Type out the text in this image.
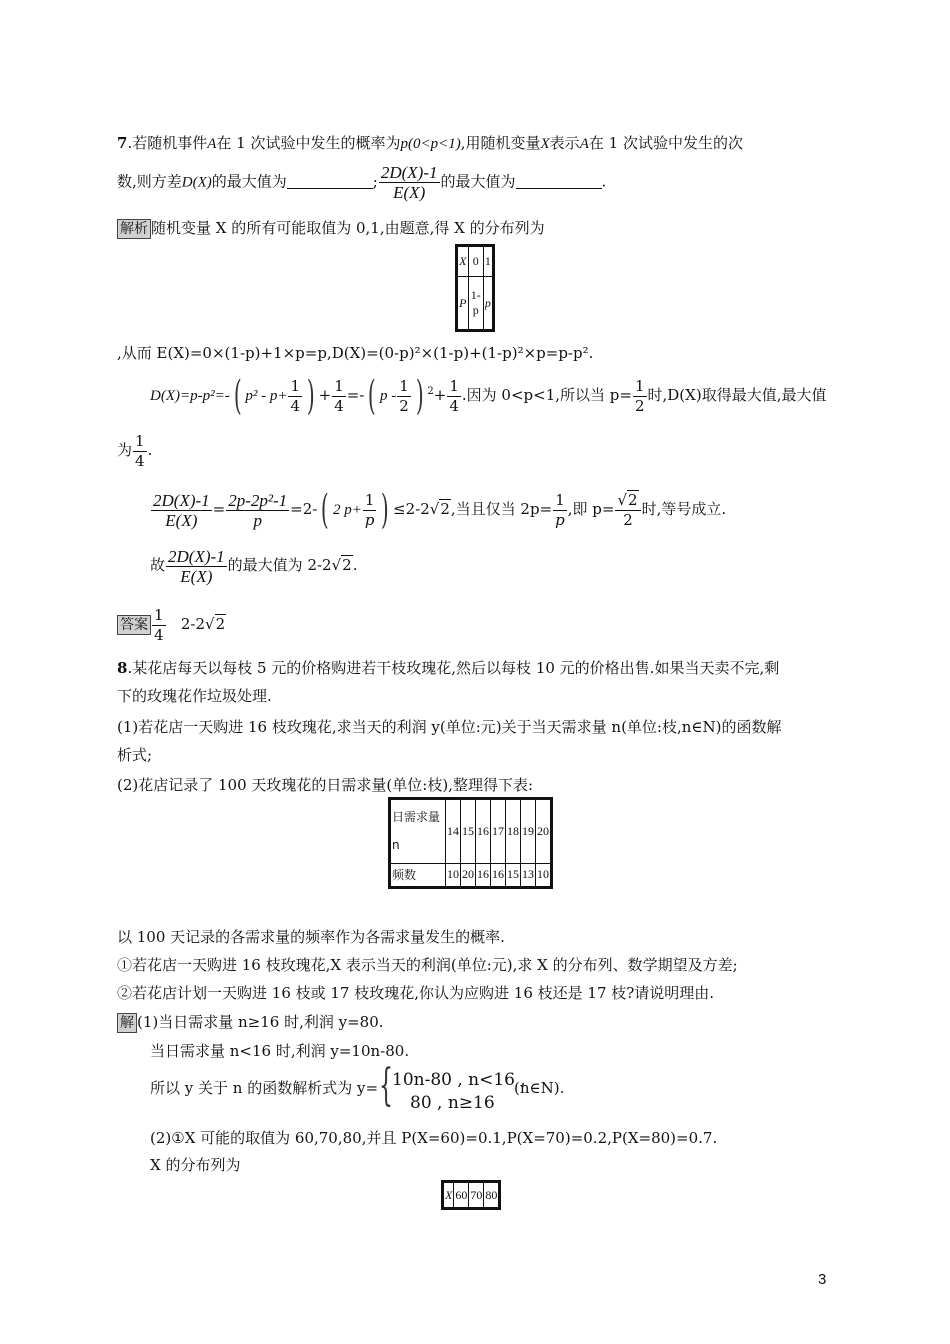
7.若随机事件A在 1 次试验中发生的概率为p(0<p<1),用随机变量X表示A在 1 次试验中发生的次
数,则方差D(X)的最大值为	; $\frac{2D(X)-1}{E(X)}$ 的最大值为	.
解析 随机变量 X 的所有可能取值为 0,1,由题意,得 X 的分布列为
X	0	1
P	1-p	p
,从而 E(X)=0×(1-p)+1×p=p,D(X)=(0-p)²×(1-p)+(1-p)²×p=p-p².
D(X)=p-p²=-( $p^2 - p+ \frac{1}{4}$ ) + $\frac{1}{4}$ =-( p - $\frac{1}{2}$ ) $^2+ \frac{1}{4}$ .因为 0<p<1,所以当 $p= \frac{1}{2}$ 时,D(X)取得最大值,最大值
为 $\frac{1}{4}$ .
$\frac{2D(X)-1}{E(X)} = \frac{\text{2p-2p²-1}}{p} =2-$( 2 $p+ \frac{1}{p}$ ) ≤2-2√2,当且仅当 $2p= \frac{1}{p}$ ,即 $p= \frac{√2}{2}$ 时,等号成立.
故 $\frac{2D(X)-1}{E(X)}$ 的最大值为 2-2√2.
答案 $\frac{1}{4} 2-2√2$
8.某花店每天以每枝 5 元的价格购进若干枝玫瑰花,然后以每枝 10 元的价格出售.如果当天卖不完,剩
下的玫瑰花作垃圾处理.
(1)若花店一天购进 16 枝玫瑰花,求当天的利润 y(单位:元)关于当天需求量 n(单位:枝,n∈N)的函数解
析式;
(2)花店记录了 100 天玫瑰花的日需求量(单位:枝),整理得下表:
日需求量 n	14	15	16	17	18	19	20
频数	10	20	16	16	15	13	10
以 100 天记录的各需求量的频率作为各需求量发生的概率.
①若花店一天购进 16 枝玫瑰花,X 表示当天的利润(单位:元),求 X 的分布列、数学期望及方差;
②若花店计划一天购进 16 枝或 17 枝玫瑰花,你认为应购进 16 枝还是 17 枝?请说明理由.
解 (1)当日需求量 n≥16 时,利润 y=80.
当日需求量 n<16 时,利润 y=10n-80.
所以 y 关于 n 的函数解析式为 y= { 10n-80 , n<16 ,
80 , n≥16
(n∈N).
(2)①X 可能的取值为 60,70,80,并且 P(X=60)=0.1,P(X=70)=0.2,P(X=80)=0.7.
X 的分布列为
X	60	70	80
3
